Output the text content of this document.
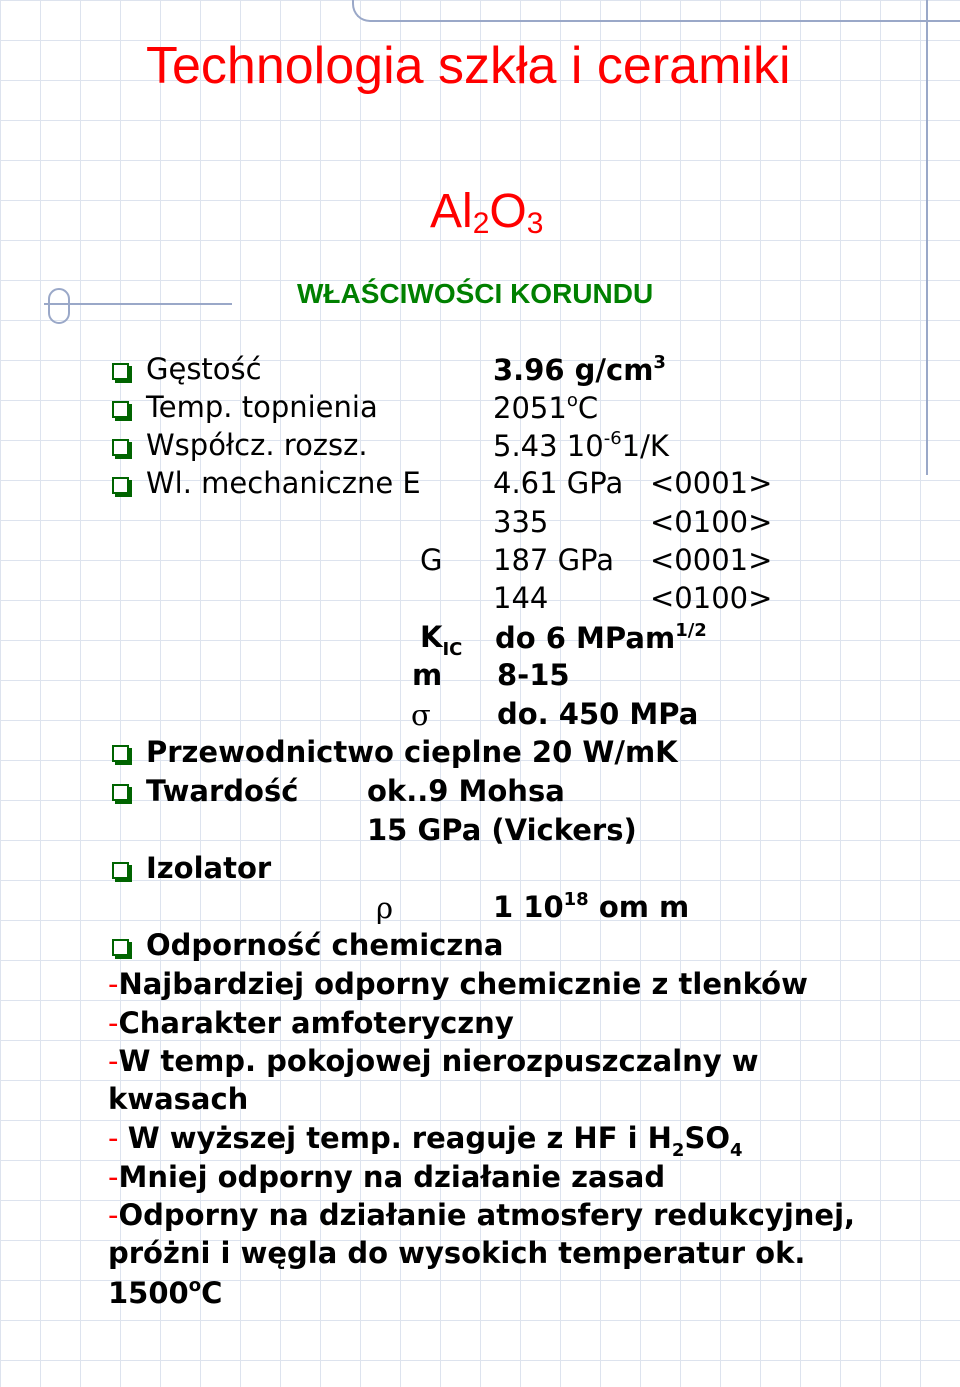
Technologia szkła i ceramiki
$Al_2O_3$
WŁAŚCIWOŚCI KORUNDU
Gęstość	3.96 $g/cm^3$
Temp. topnienia	2051$^o$C
Współcz. rozsz.	5.43 $10^{-6}1/K$
Wl. mechaniczne E 4.61 GPa <0001>
335	<0100>
G 187 GPa <0001>
144	<0100>
$K_{IC}$ do 6 MPam$^{1/2}$
m 8-15
σ do. 450 MPa
Przewodnictwo cieplne 20 W/mK
Twardość ok..9 Mohsa
15 GPa (Vickers)
Izolator
ρ	1 $10^{18}$ om m
Odporność chemiczna
-Najbardziej odporny chemicznie z tlenków
-Charakter amfoteryczny
-W temp. pokojowej nierozpuszczalny w
kwasach
- W wyższej temp. reaguje z HF i $H_2SO_4$
-Mniej odporny na działanie zasad
-Odporny na działanie atmosfery redukcyjnej,
próżni i węgla do wysokich temperatur ok.
1500$^o$C
